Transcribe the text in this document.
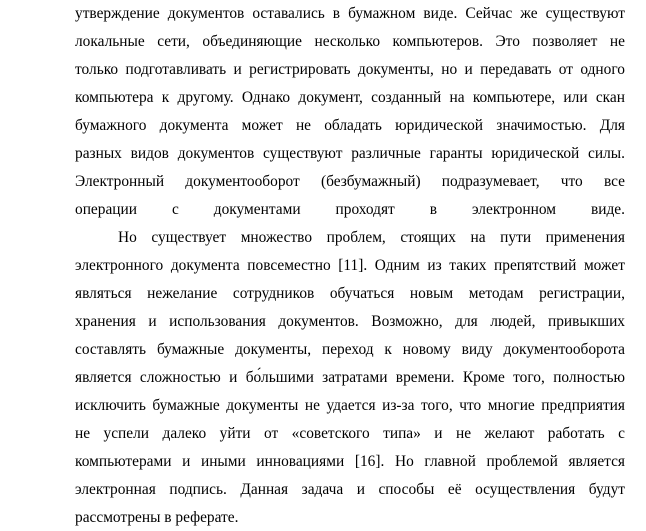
утверждение документов оставались в бумажном виде. Сейчас же существуют
локальные сети, объединяющие несколько компьютеров. Это позволяет не
только подготавливать и регистрировать документы, но и передавать от одного
компьютера к другому. Однако документ, созданный на компьютере, или скан
бумажного документа может не обладать юридической значимостью. Для
разных видов документов существуют различные гаранты юридической силы.
Электронный документооборот (безбумажный) подразумевает, что все
операции с документами проходят в электронном виде.
Но существует множество проблем, стоящих на пути применения
электронного документа повсеместно [11]. Одним из таких препятствий может
являться нежелание сотрудников обучаться новым методам регистрации,
хранения и использования документов. Возможно, для людей, привыкших
составлять бумажные документы, переход к новому виду документооборота
является сложностью и бо́льшими затратами времени. Кроме того, полностью
исключить бумажные документы не удается из-за того, что многие предприятия
не успели далеко уйти от «советского типа» и не желают работать с
компьютерами и иными инновациями [16]. Но главной проблемой является
электронная подпись. Данная задача и способы её осуществления будут
рассмотрены в реферате.
